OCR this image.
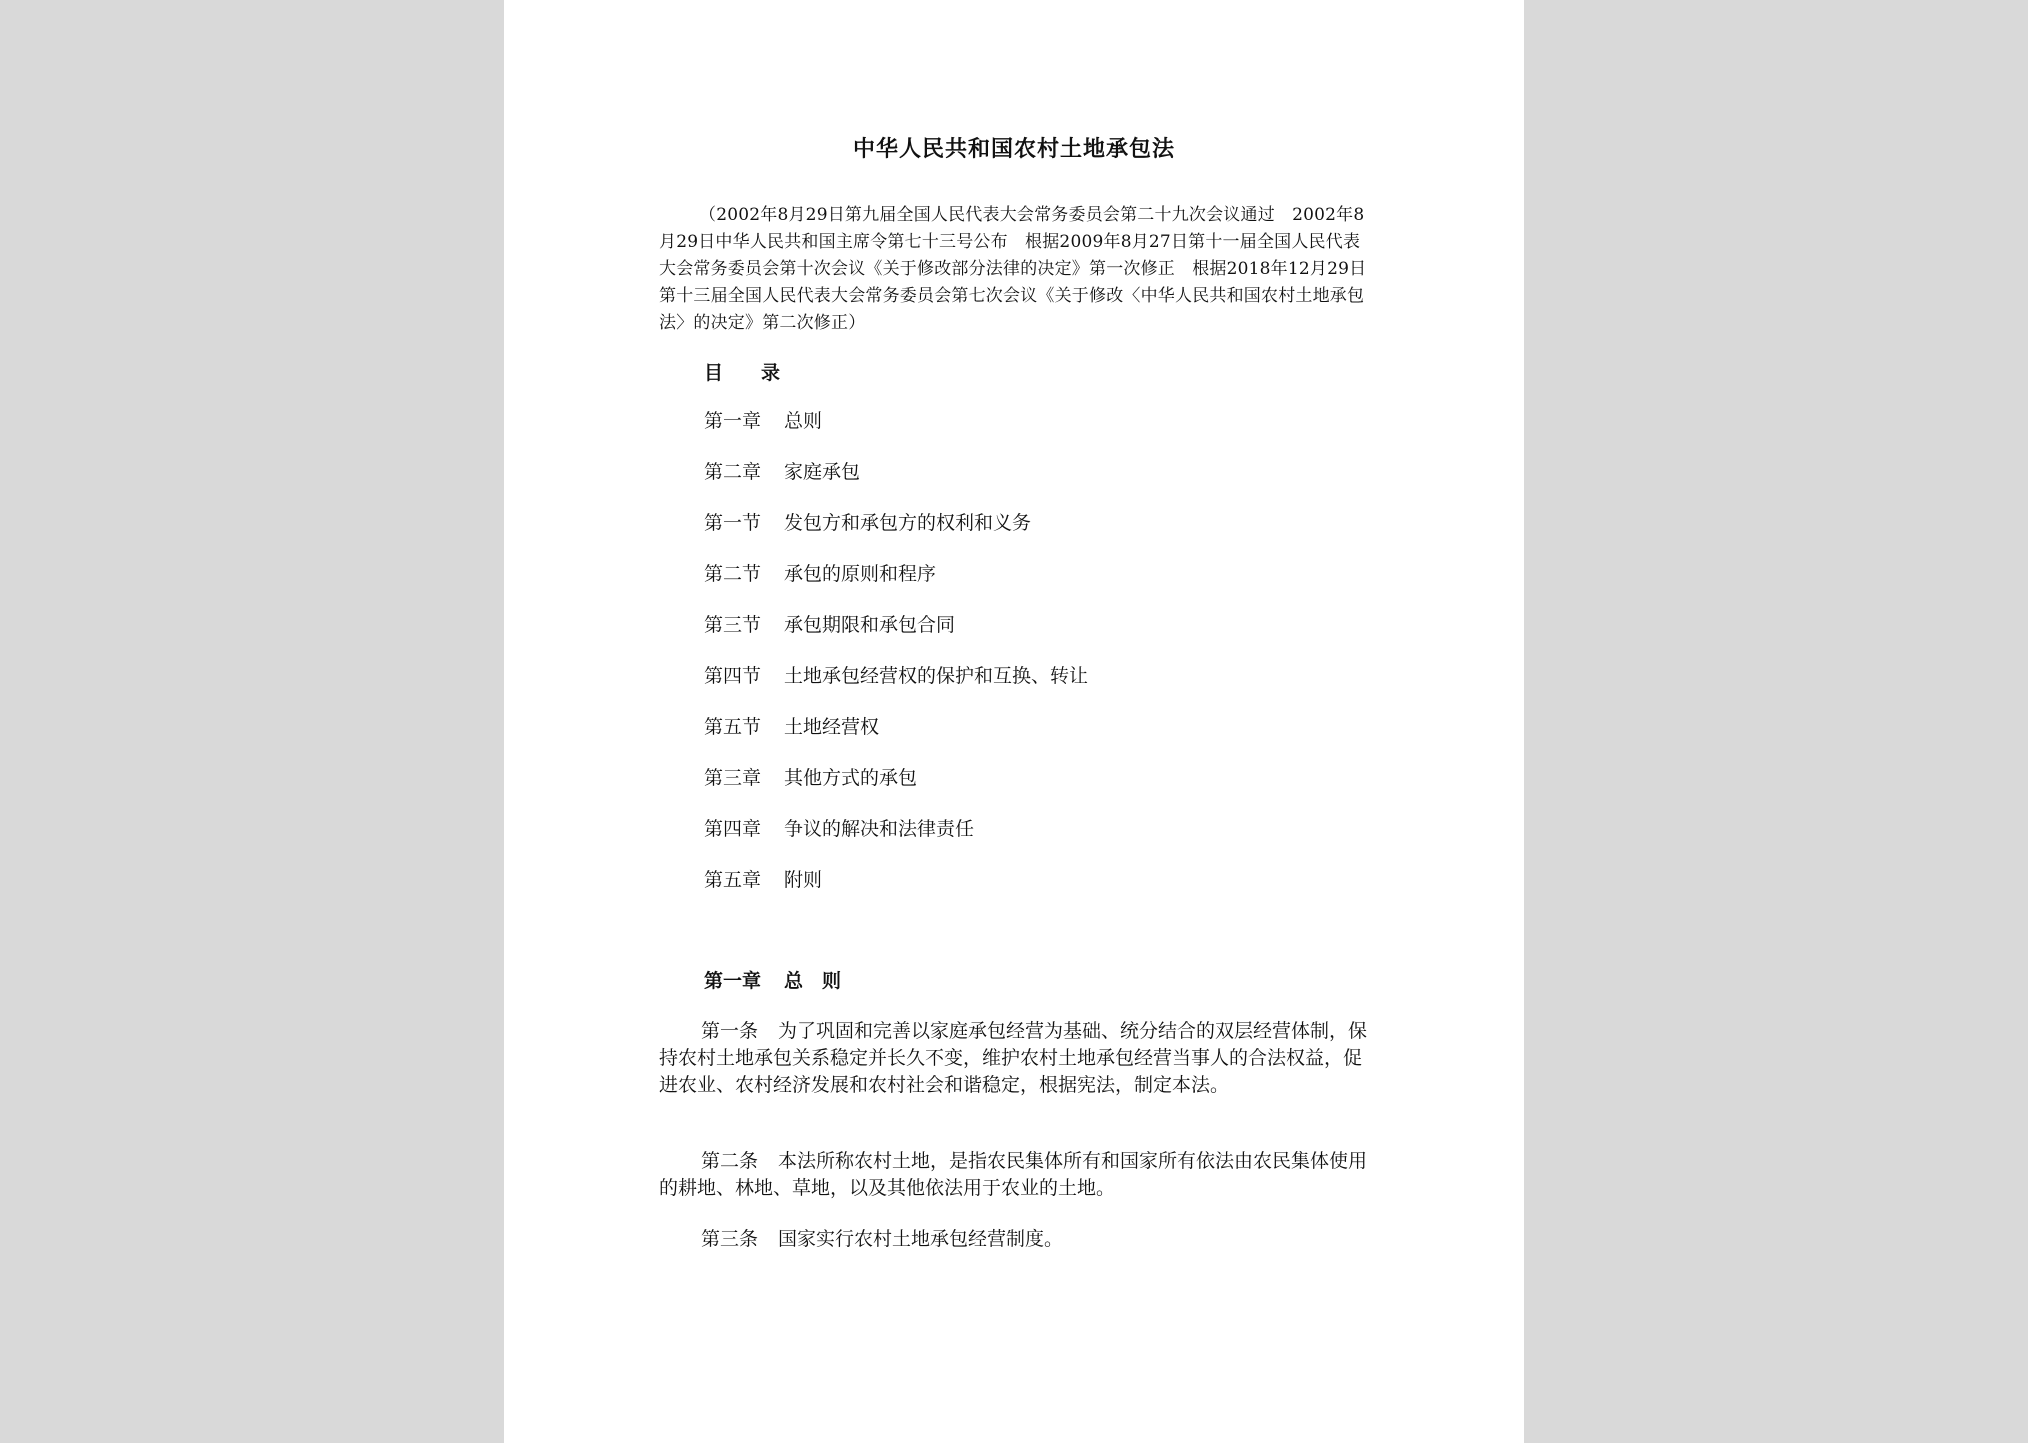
中华人民共和国农村土地承包法

（2002年8月29日第九届全国人民代表大会常务委员会第二十九次会议通过　2002年8月29日中华人民共和国主席令第七十三号公布　根据2009年8月27日第十一届全国人民代表大会常务委员会第十次会议《关于修改部分法律的决定》第一次修正　根据2018年12月29日第十三届全国人民代表大会常务委员会第七次会议《关于修改〈中华人民共和国农村土地承包法〉的决定》第二次修正）

目　　录
第一章 总则
第二章 家庭承包
第一节 发包方和承包方的权利和义务
第二节 承包的原则和程序
第三节 承包期限和承包合同
第四节 土地承包经营权的保护和互换、转让
第五节 土地经营权
第三章 其他方式的承包
第四章 争议的解决和法律责任
第五章 附则
第一章 总　则

第一条 为了巩固和完善以家庭承包经营为基础、统分结合的双层经营体制，保持农村土地承包关系稳定并长久不变，维护农村土地承包经营当事人的合法权益，促进农业、农村经济发展和农村社会和谐稳定，根据宪法，制定本法。

第二条 本法所称农村土地，是指农民集体所有和国家所有依法由农民集体使用的耕地、林地、草地，以及其他依法用于农业的土地。

第三条 国家实行农村土地承包经营制度。
